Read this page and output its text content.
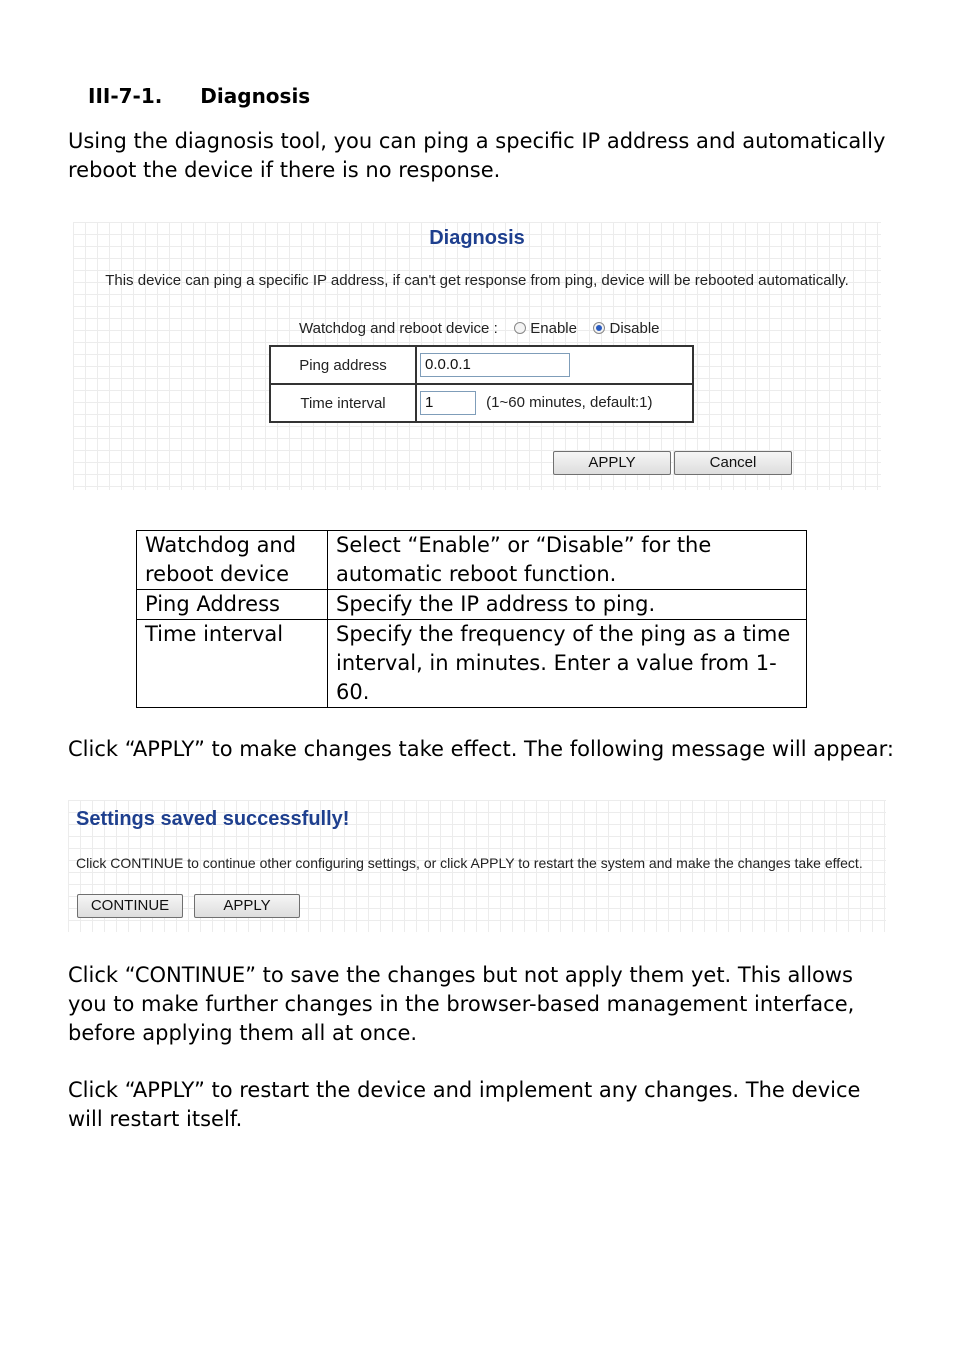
III-7-1. Diagnosis
Using the diagnosis tool, you can ping a specific IP address and automatically reboot the device if there is no response.
Diagnosis
This device can ping a specific IP address, if can't get response from ping, device will be rebooted automatically.
Watchdog and reboot device : Enable Disable
Ping address	0.0.0.1
Time interval	1 (1~60 minutes, default:1)
APPLY	Cancel
Watchdog and reboot device	Select “Enable” or “Disable” for the automatic reboot function.
Ping Address	Specify the IP address to ping.
Time interval	Specify the frequency of the ping as a time interval, in minutes. Enter a value from 1-60.
Click “APPLY” to make changes take effect. The following message will appear:
Settings saved successfully!
Click CONTINUE to continue other configuring settings, or click APPLY to restart the system and make the changes take effect.
CONTINUE	APPLY
Click “CONTINUE” to save the changes but not apply them yet. This allows you to make further changes in the browser-based management interface, before applying them all at once.
Click “APPLY” to restart the device and implement any changes. The device will restart itself.
